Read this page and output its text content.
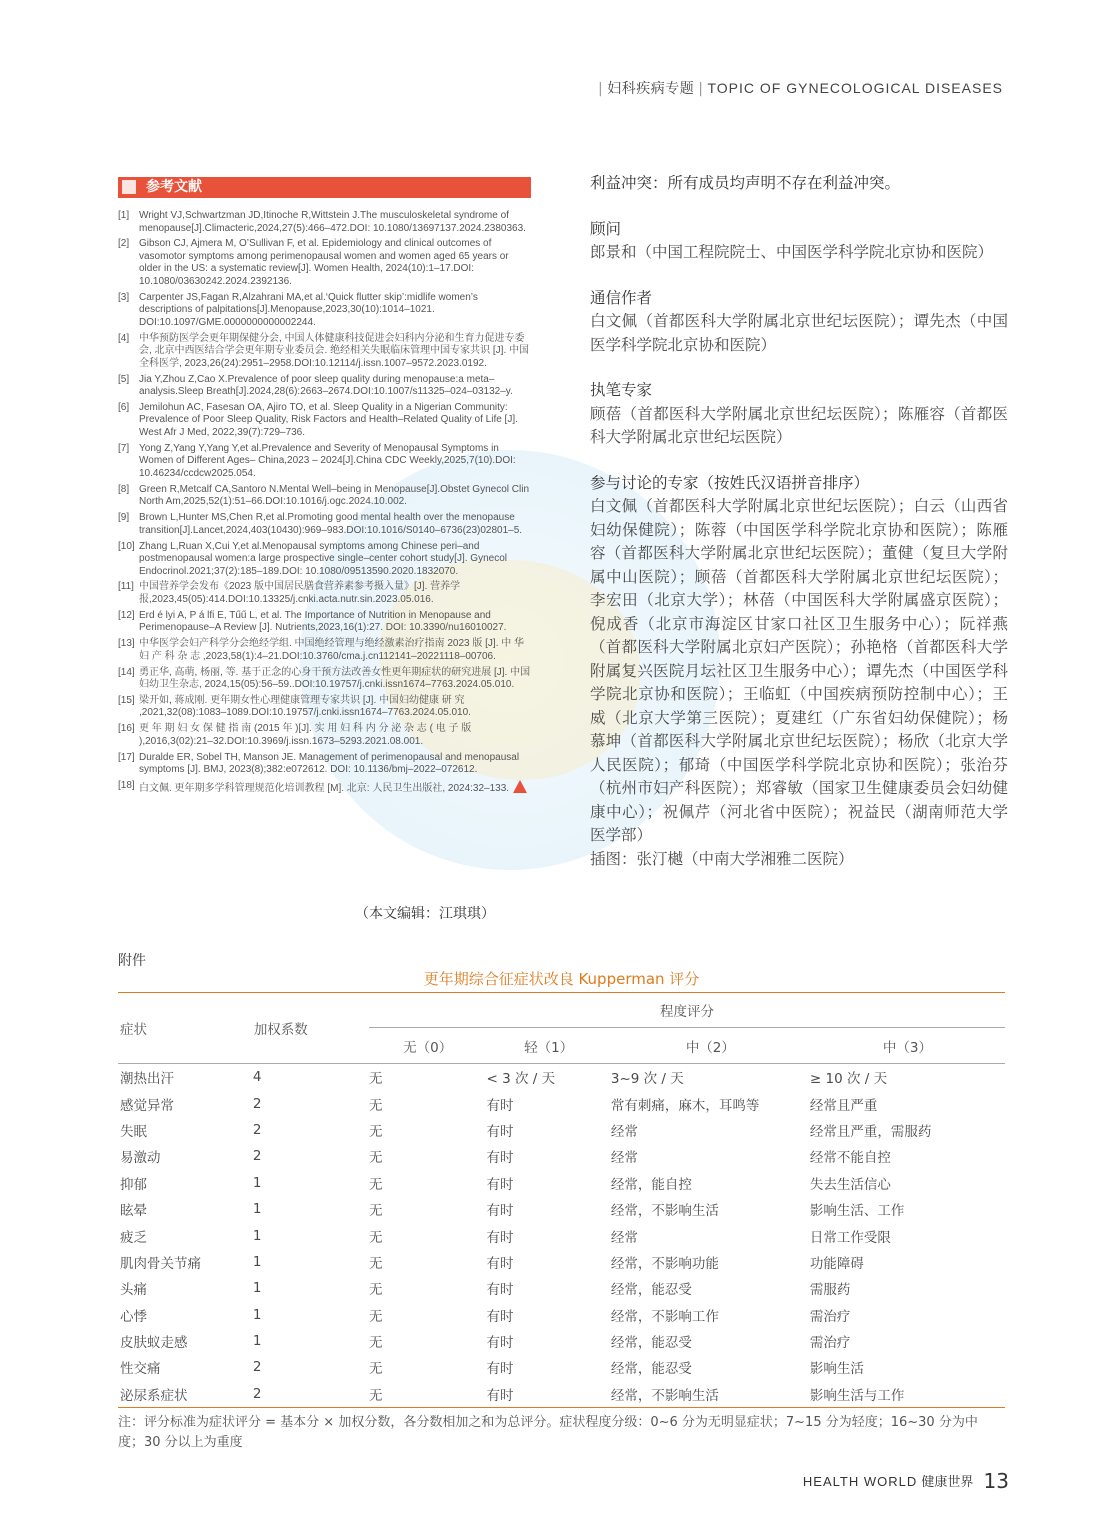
| 妇科疾病专题 | TOPIC OF GYNECOLOGICAL DISEASES
参考文献
[1] Wright VJ,Schwartzman JD,Itinoche R,Wittstein J.The musculoskeletal syndrome of menopause[J].Climacteric,2024,27(5):466–472.DOI: 10.1080/13697137.2024.2380363.
[2] Gibson CJ, Ajmera M, O’Sullivan F, et al. Epidemiology and clinical outcomes of vasomotor symptoms among perimenopausal women and women aged 65 years or older in the US: a systematic review[J]. Women Health, 2024(10):1–17.DOI: 10.1080/03630242.2024.2392136.
[3] Carpenter JS,Fagan R,Alzahrani MA,et al.‘Quick flutter skip’:midlife women’s descriptions of palpitations[J].Menopause,2023,30(10):1014–1021. DOI:10.1097/GME.0000000000002244.
[4] 中华预防医学会更年期保健分会, 中国人体健康科技促进会妇科内分泌和生育力促进专委会, 北京中西医结合学会更年期专业委员会. 绝经相关失眠临床管理中国专家共识 [J]. 中国全科医学, 2023,26(24):2951–2958.DOI:10.12114/j.issn.1007–9572.2023.0192.
[5] Jia Y,Zhou Z,Cao X.Prevalence of poor sleep quality during menopause:a meta–analysis.Sleep Breath[J].2024,28(6):2663–2674.DOI:10.1007/s11325–024–03132–y.
[6] Jemilohun AC, Fasesan OA, Ajiro TO, et al. Sleep Quality in a Nigerian Community: Prevalence of Poor Sleep Quality, Risk Factors and Health–Related Quality of Life [J]. West Afr J Med, 2022,39(7):729–736.
[7] Yong Z,Yang Y,Yang Y,et al.Prevalence and Severity of Menopausal Symptoms in Women of Different Ages– China,2023 – 2024[J].China CDC Weekly,2025,7(10).DOI: 10.46234/ccdcw2025.054.
[8] Green R,Metcalf CA,Santoro N.Mental Well–being in Menopause[J].Obstet Gynecol Clin North Am,2025,52(1):51–66.DOI:10.1016/j.ogc.2024.10.002.
[9] Brown L,Hunter MS,Chen R,et al.Promoting good mental health over the menopause transition[J].Lancet,2024,403(10430):969–983.DOI:10.1016/S0140–6736(23)02801–5.
[10] Zhang L,Ruan X,Cui Y,et al.Menopausal symptoms among Chinese peri–and postmenopausal women:a large prospective single–center cohort study[J]. Gynecol Endocrinol.2021;37(2):185–189.DOI: 10.1080/09513590.2020.1832070.
[11] 中国营养学会发布《2023 版中国居民膳食营养素参考摄入量》[J]. 营养学报,2023,45(05):414.DOI:10.13325/j.cnki.acta.nutr.sin.2023.05.016.
[12] Erd é lyi A, P á lfi E, Tűű L, et al. The Importance of Nutrition in Menopause and Perimenopause–A Review [J]. Nutrients,2023,16(1):27. DOI: 10.3390/nu16010027.
[13] 中华医学会妇产科学分会绝经学组. 中国绝经管理与绝经激素治疗指南 2023 版 [J]. 中 华 妇 产 科 杂 志 ,2023,58(1):4–21.DOI:10.3760/cma.j.cn112141–20221118–00706.
[14] 勇正华, 高萌, 杨丽, 等. 基于正念的心身干预方法改善女性更年期症状的研究进展 [J]. 中国妇幼卫生杂志, 2024,15(05):56–59..DOI:10.19757/j.cnki.issn1674–7763.2024.05.010.
[15] 梁开如, 蒋成刚. 更年期女性心理健康管理专家共识 [J]. 中国妇幼健康 研 究 ,2021,32(08):1083–1089.DOI:10.19757/j.cnki.issn1674–7763.2024.05.010.
[16] 更 年 期 妇 女 保 健 指 南 (2015 年 )[J]. 实 用 妇 科 内 分 泌 杂 志 ( 电 子 版 ),2016,3(02):21–32.DOI:10.3969/j.issn.1673–5293.2021.08.001.
[17] Duralde ER, Sobel TH, Manson JE. Management of perimenopausal and menopausal symptoms [J]. BMJ, 2023(8);382:e072612. DOI: 10.1136/bmj–2022–072612.
[18] 白文佩. 更年期多学科管理规范化培训教程 [M]. 北京: 人民卫生出版社, 2024:32–133.
（本文编辑：江琪琪）
利益冲突：所有成员均声明不存在利益冲突。
顾问
郎景和（中国工程院院士、中国医学科学院北京协和医院）
通信作者
白文佩（首都医科大学附属北京世纪坛医院）；谭先杰（中国医学科学院北京协和医院）
执笔专家
顾蓓（首都医科大学附属北京世纪坛医院）；陈雁容（首都医科大学附属北京世纪坛医院）
参与讨论的专家（按姓氏汉语拼音排序）
白文佩（首都医科大学附属北京世纪坛医院）；白云（山西省妇幼保健院）；陈蓉（中国医学科学院北京协和医院）；陈雁容（首都医科大学附属北京世纪坛医院）；董健（复旦大学附属中山医院）；顾蓓（首都医科大学附属北京世纪坛医院）；李宏田（北京大学）；林蓓（中国医科大学附属盛京医院）；倪成香（北京市海淀区甘家口社区卫生服务中心）；阮祥燕（首都医科大学附属北京妇产医院）；孙艳格（首都医科大学附属复兴医院月坛社区卫生服务中心）；谭先杰（中国医学科学院北京协和医院）；王临虹（中国疾病预防控制中心）；王威（北京大学第三医院）；夏建红（广东省妇幼保健院）；杨慕坤（首都医科大学附属北京世纪坛医院）；杨欣（北京大学人民医院）；郁琦（中国医学科学院北京协和医院）；张治芬（杭州市妇产科医院）；郑睿敏（国家卫生健康委员会妇幼健康中心）；祝佩芹（河北省中医院）；祝益民（湖南师范大学医学部）
插图：张汀樾（中南大学湘雅二医院）
附件
更年期综合征症状改良 Kupperman 评分
症状	加权系数	程度评分			
		无（0）	轻（1）	中（2）	中（3）
潮热出汗	4	无	< 3 次 / 天	3~9 次 / 天	≥ 10 次 / 天
感觉异常	2	无	有时	常有刺痛，麻木，耳鸣等	经常且严重
失眠	2	无	有时	经常	经常且严重，需服药
易激动	2	无	有时	经常	经常不能自控
抑郁	1	无	有时	经常，能自控	失去生活信心
眩晕	1	无	有时	经常，不影响生活	影响生活、工作
疲乏	1	无	有时	经常	日常工作受限
肌肉骨关节痛	1	无	有时	经常，不影响功能	功能障碍
头痛	1	无	有时	经常，能忍受	需服药
心悸	1	无	有时	经常，不影响工作	需治疗
皮肤蚁走感	1	无	有时	经常，能忍受	需治疗
性交痛	2	无	有时	经常，能忍受	影响生活
泌尿系症状	2	无	有时	经常，不影响生活	影响生活与工作
注：评分标准为症状评分 = 基本分 × 加权分数，各分数相加之和为总评分。症状程度分级：0~6 分为无明显症状；7~15 分为轻度；16~30 分为中度；30 分以上为重度
HEALTH WORLD 健康世界 13
